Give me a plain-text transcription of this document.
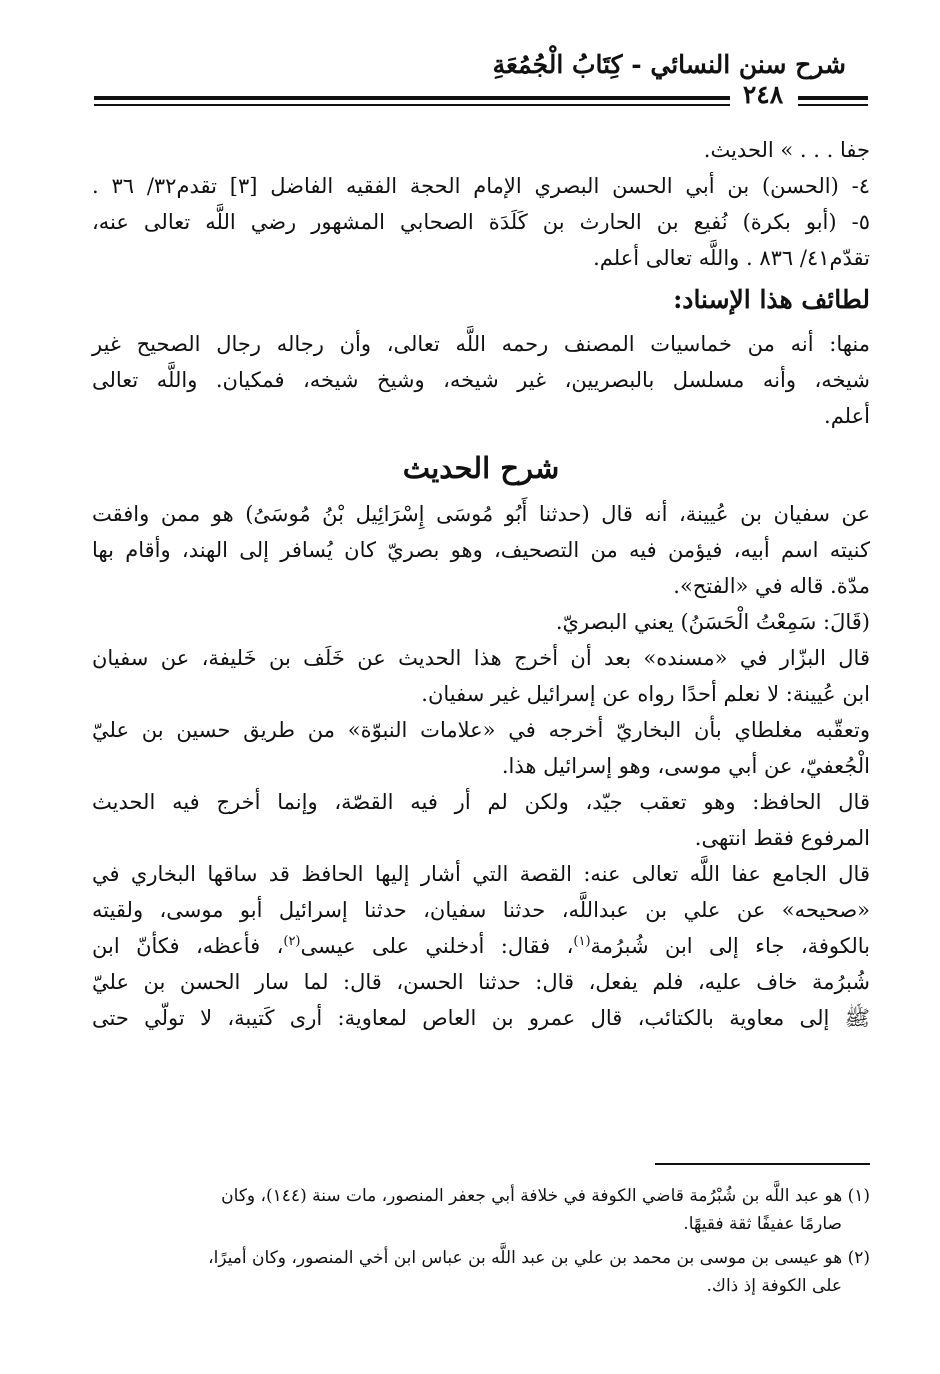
شرح سنن النسائي - كِتَابُ الْجُمُعَةِ
٢٤٨
جفا . . . » الحديث.
٤- (الحسن) بن أبي الحسن البصري الإمام الحجة الفقيه الفاضل [٣] تقدم٣٢/ ٣٦ .
٥- (أبو بكرة) نُفيع بن الحارث بن كَلَدَة الصحابي المشهور رضي اللَّه تعالى عنه،
تقدّم٤١/ ٨٣٦ . واللَّه تعالى أعلم.
لطائف هذا الإسناد:
منها: أنه من خماسيات المصنف رحمه اللَّه تعالى، وأن رجاله رجال الصحيح غير
شيخه، وأنه مسلسل بالبصريين، غير شيخه، وشيخ شيخه، فمكيان. واللَّه تعالى
أعلم.
شرح الحديث
عن سفيان بن عُيينة، أنه قال (حدثنا أَبُو مُوسَى إِسْرَائِيل بْنُ مُوسَىُ) هو ممن وافقت
كنيته اسم أبيه، فيؤمن فيه من التصحيف، وهو بصريّ كان يُسافر إلى الهند، وأقام بها
مدّة. قاله في «الفتح».
(قَالَ: سَمِعْتُ الْحَسَنُ) يعني البصريّ.
قال البزّار في «مسنده» بعد أن أخرج هذا الحديث عن خَلَف بن خَليفة، عن سفيان
ابن عُيينة: لا نعلم أحدًا رواه عن إسرائيل غير سفيان.
وتعقّبه مغلطاي بأن البخاريّ أخرجه في «علامات النبوّة» من طريق حسين بن عليّ
الْجُعفيّ، عن أبي موسى، وهو إسرائيل هذا.
قال الحافظ: وهو تعقب جيّد، ولكن لم أر فيه القصّة، وإنما أخرج فيه الحديث
المرفوع فقط انتهى.
قال الجامع عفا اللَّه تعالى عنه: القصة التي أشار إليها الحافظ قد ساقها البخاري في
«صحيحه» عن علي بن عبداللَّه، حدثنا سفيان، حدثنا إسرائيل أبو موسى، ولقيته
بالكوفة، جاء إلى ابن شُبرُمة$^{(١)}$، فقال: أدخلني على عيسى$^{(٢)}$، فأعظه، فكأنّ ابن
شُبرُمة خاف عليه، فلم يفعل، قال: حدثنا الحسن، قال: لما سار الحسن بن عليّ
ﷺ إلى معاوية بالكتائب، قال عمرو بن العاص لمعاوية: أرى كَتيبة، لا تولّي حتى

(١) هو عبد اللَّه بن شُبْرُمة قاضي الكوفة في خلافة أبي جعفر المنصور، مات سنة (١٤٤)، وكان
صارمًا عفيفًا ثقة فقيهًا.

(٢) هو عيسى بن موسى بن محمد بن علي بن عبد اللَّه بن عباس ابن أخي المنصور، وكان أميرًا،
على الكوفة إذ ذاك.
